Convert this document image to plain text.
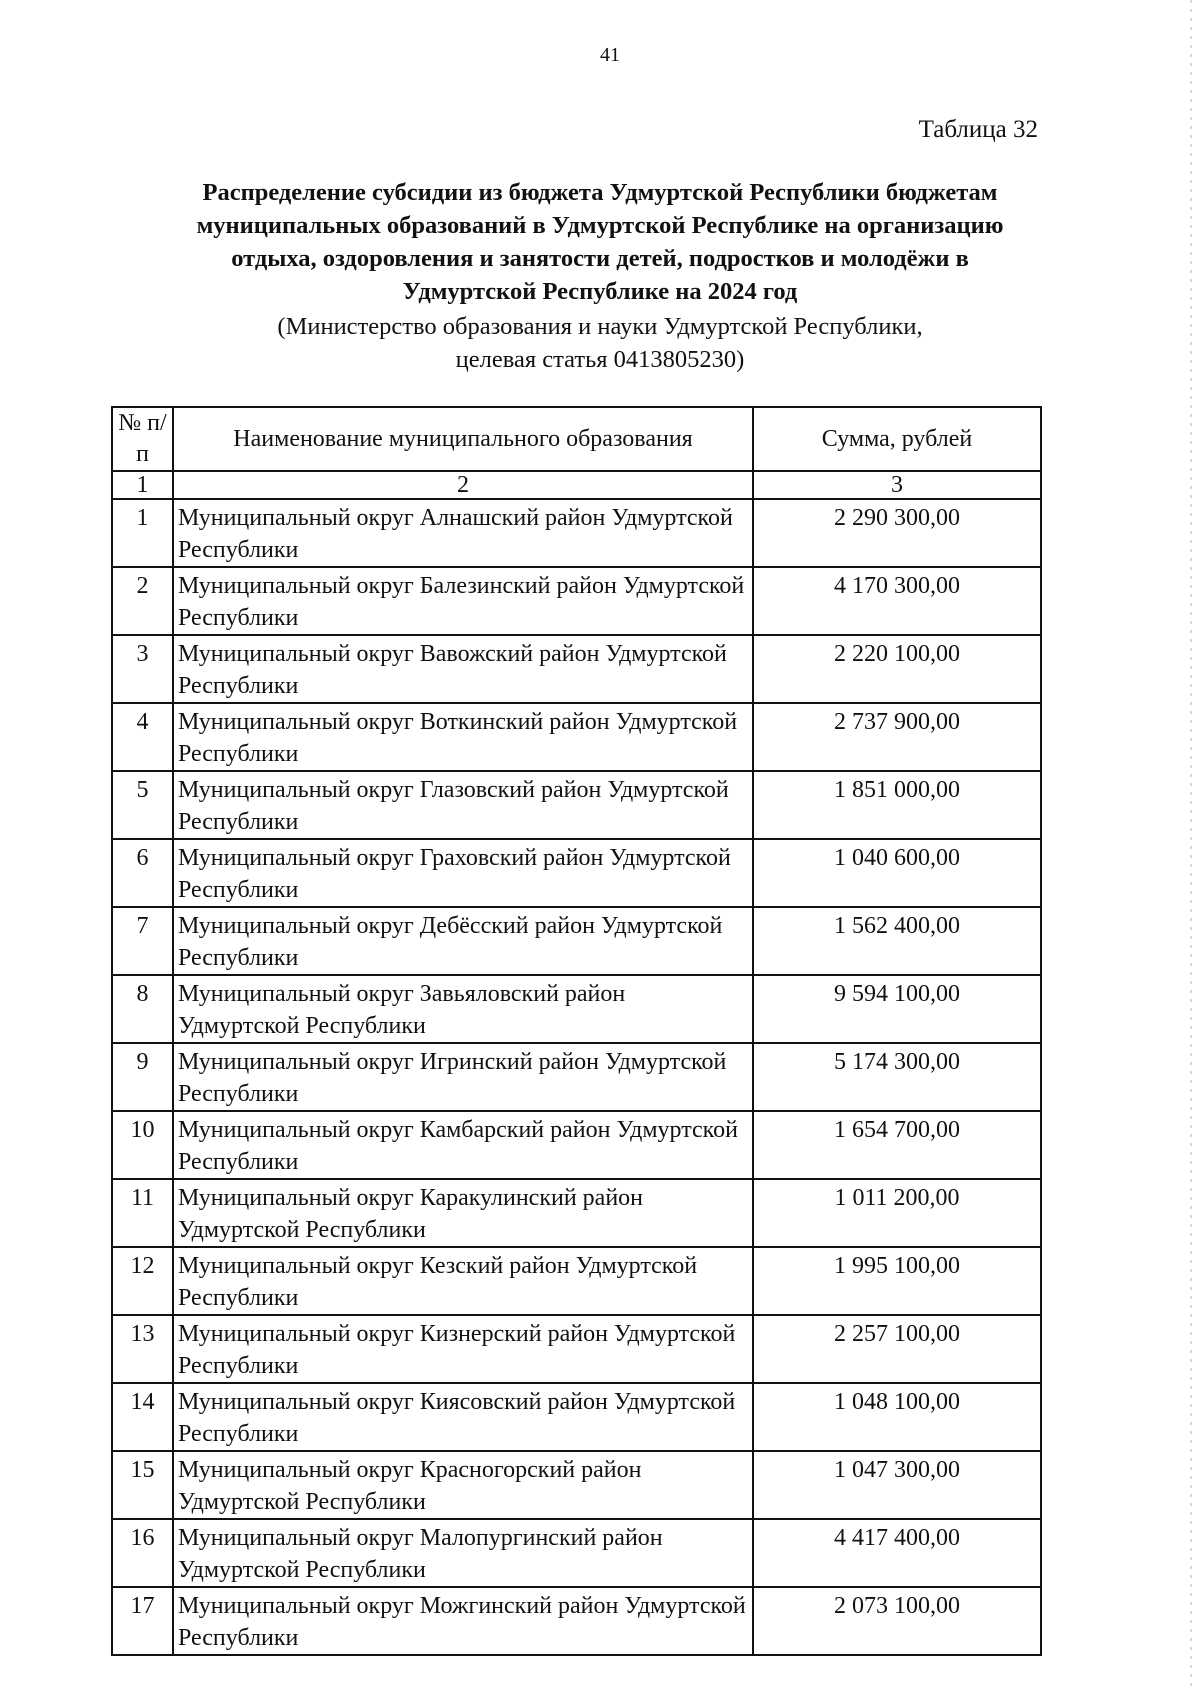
41
Таблица 32
Распределение субсидии из бюджета Удмуртской Республики бюджетам
муниципальных образований в Удмуртской Республике на организацию
отдыха, оздоровления и занятости детей, подростков и молодёжи в
Удмуртской Республике на 2024 год
(Министерство образования и науки Удмуртской Республики,
целевая статья 0413805230)
№ п/п	Наименование муниципального образования	Сумма, рублей
1	2	3
1	Муниципальный округ Алнашский район Удмуртской Республики	2 290 300,00
2	Муниципальный округ Балезинский район Удмуртской Республики	4 170 300,00
3	Муниципальный округ Вавожский район Удмуртской Республики	2 220 100,00
4	Муниципальный округ Воткинский район Удмуртской Республики	2 737 900,00
5	Муниципальный округ Глазовский район Удмуртской Республики	1 851 000,00
6	Муниципальный округ Граховский район Удмуртской Республики	1 040 600,00
7	Муниципальный округ Дебёсский район Удмуртской Республики	1 562 400,00
8	Муниципальный округ Завьяловский район Удмуртской Республики	9 594 100,00
9	Муниципальный округ Игринский район Удмуртской Республики	5 174 300,00
10	Муниципальный округ Камбарский район Удмуртской Республики	1 654 700,00
11	Муниципальный округ Каракулинский район Удмуртской Республики	1 011 200,00
12	Муниципальный округ Кезский район Удмуртской Республики	1 995 100,00
13	Муниципальный округ Кизнерский район Удмуртской Республики	2 257 100,00
14	Муниципальный округ Киясовский район Удмуртской Республики	1 048 100,00
15	Муниципальный округ Красногорский район Удмуртской Республики	1 047 300,00
16	Муниципальный округ Малопургинский район Удмуртской Республики	4 417 400,00
17	Муниципальный округ Можгинский район Удмуртской Республики	2 073 100,00
